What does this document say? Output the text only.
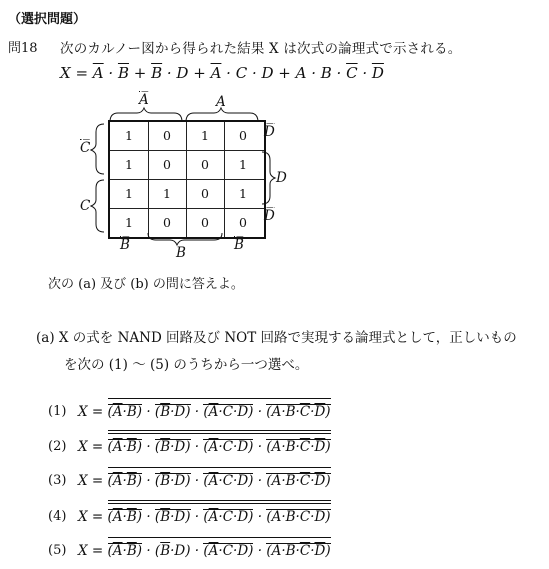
（選択問題）
問18 次のカルノー図から得られた結果 X は次式の論理式で示される。
$X = \overline{A} \cdot \overline{B} + \overline{B} \cdot D + \overline{A} \cdot C \cdot D + A \cdot B \cdot \overline{C} \cdot \overline{D}$
1	0	1	0
1	0	0	1
1	1	0	1
1	0	0	0
A̅	A
C̅
C
D̅
D
D̅
B̅	B	B̅
次の (a) 及び (b) の問に答えよ。
(a) X の式を NAND 回路及び NOT 回路で実現する論理式として，正しいもの
を次の (1) ～ (5) のうちから一つ選べ。
(1) $X = (\overline{A}\cdot B) \cdot (\overline{B}\cdot D) \cdot (\overline{A}\cdot C\cdot D) \cdot (A\cdot B\cdot\overline{C}\cdot\overline{D})$
(2) $X = (\overline{A}\cdot\overline{B}) \cdot (\overline{B}\cdot D) \cdot (\overline{A}\cdot C\cdot D) \cdot (A\cdot B\cdot\overline{C}\cdot\overline{D})$
(3) $X = (\overline{A}\cdot\overline{B}) \cdot (\overline{B}\cdot D) \cdot (\overline{A}\cdot C\cdot D) \cdot (A\cdot B\cdot\overline{C}\cdot\overline{D})$
(4) $X = (\overline{A}\cdot\overline{B}) \cdot (\overline{B}\cdot D) \cdot (\overline{A}\cdot C\cdot D) \cdot (A\cdot B\cdot C\cdot D)$
(5) $X = (\overline{A}\cdot\overline{B}) \cdot (\overline{B}\cdot D) \cdot (\overline{A}\cdot C\cdot D) \cdot (A\cdot B\cdot\overline{C}\cdot\overline{D})$
